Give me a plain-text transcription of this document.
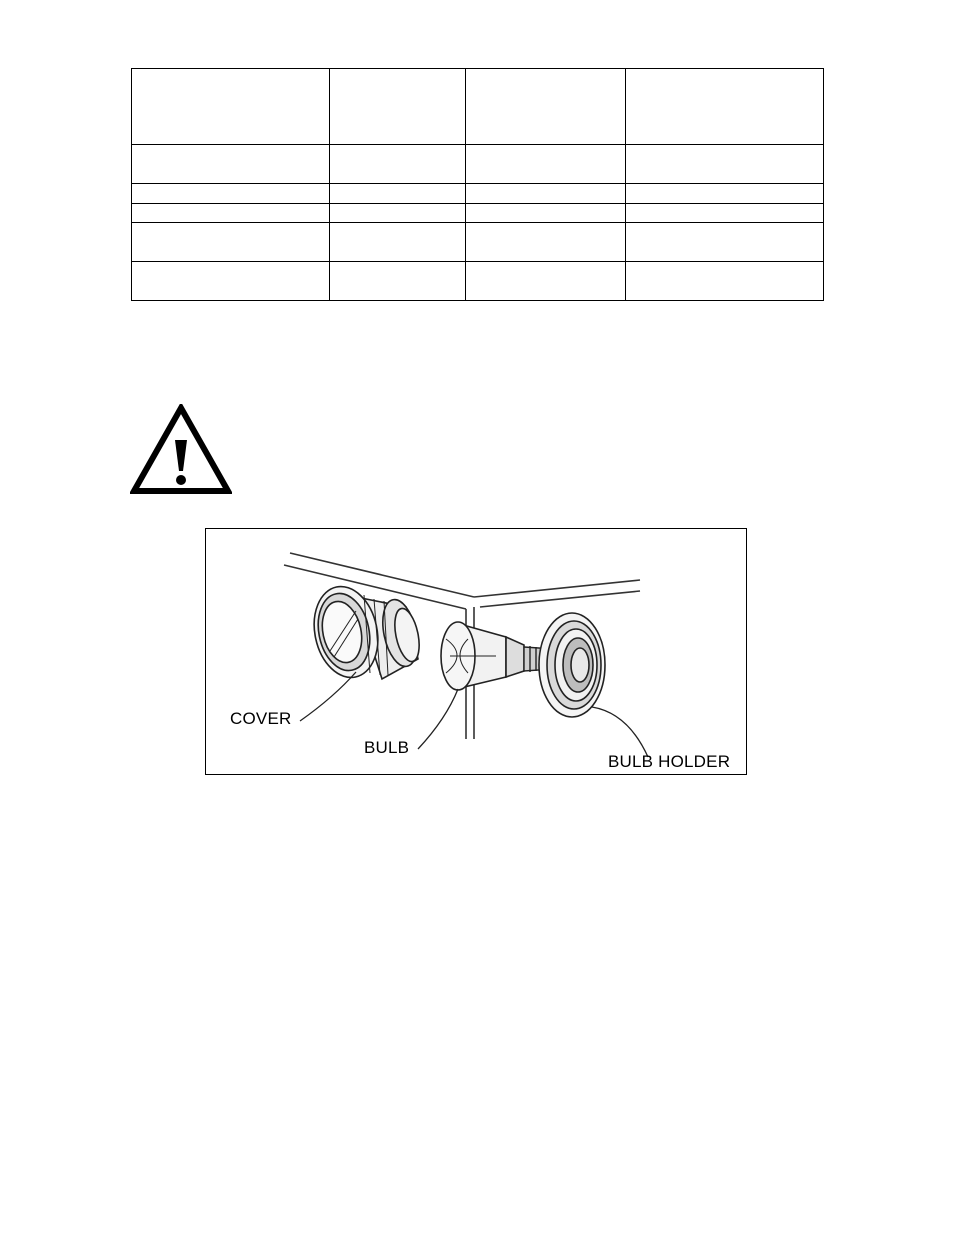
COVER
BULB
BULB HOLDER
